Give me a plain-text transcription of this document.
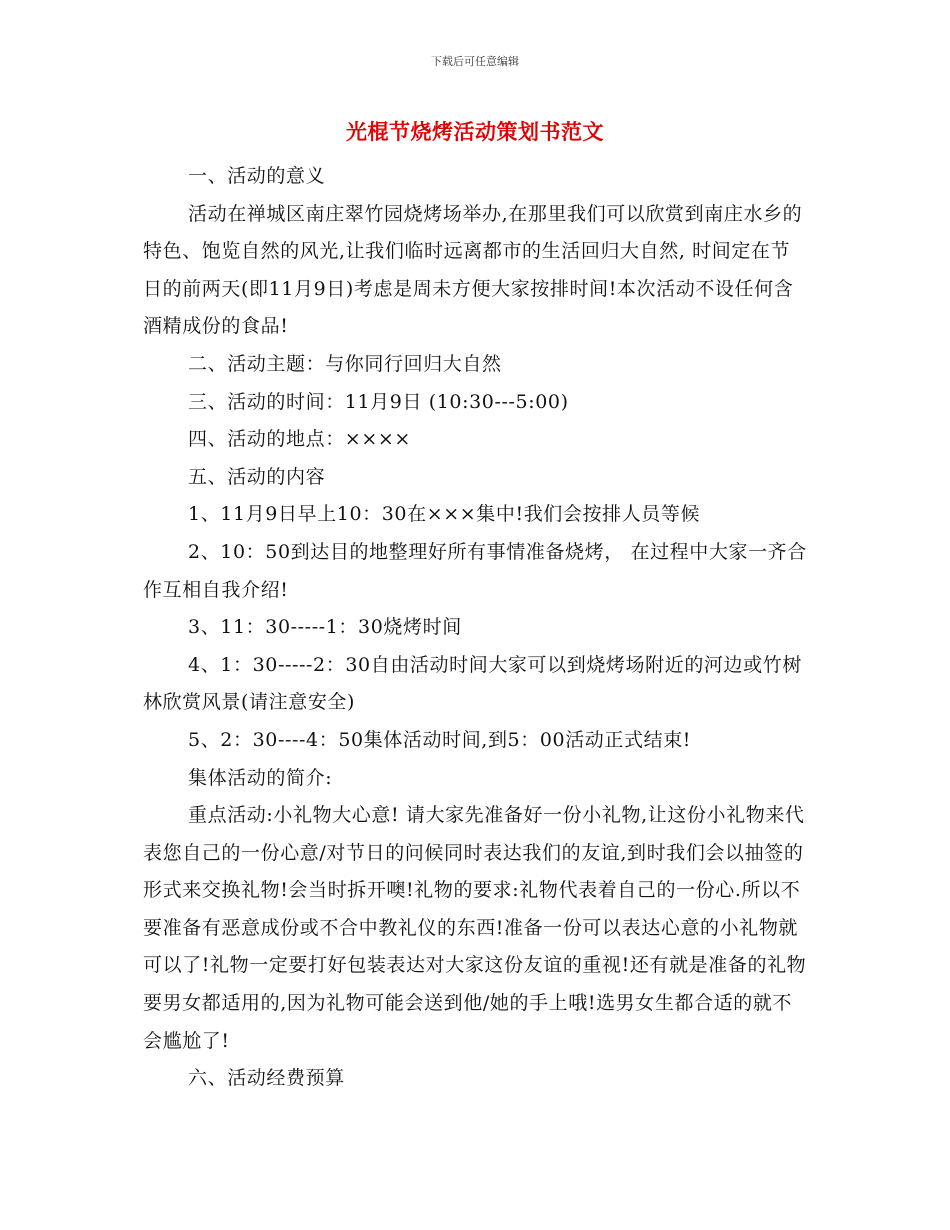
下载后可任意编辑
光棍节烧烤活动策划书范文

一、活动的意义

活动在禅城区南庄翠竹园烧烤场举办,在那里我们可以欣赏到南庄水乡的特色、饱览自然的风光,让我们临时远离都市的生活回归大自然, 时间定在节日的前两天(即11月9日)考虑是周未方便大家按排时间!本次活动不设任何含酒精成份的食品!

二、活动主题：与你同行回归大自然

三、活动的时间：11月9日 (10:30---5:00)

四、活动的地点：××××

五、活动的内容

1、11月9日早上10：30在×××集中!我们会按排人员等候

2、10：50到达目的地整理好所有事情准备烧烤， 在过程中大家一齐合作互相自我介绍!

3、11：30-----1：30烧烤时间

4、1：30-----2：30自由活动时间大家可以到烧烤场附近的河边或竹树林欣赏风景(请注意安全)

5、2：30----4：50集体活动时间,到5：00活动正式结束!

集体活动的简介:

重点活动:小礼物大心意! 请大家先准备好一份小礼物,让这份小礼物来代表您自己的一份心意/对节日的问候同时表达我们的友谊,到时我们会以抽签的形式来交换礼物!会当时拆开噢!礼物的要求:礼物代表着自己的一份心.所以不要准备有恶意成份或不合中教礼仪的东西!准备一份可以表达心意的小礼物就可以了!礼物一定要打好包装表达对大家这份友谊的重视!还有就是准备的礼物要男女都适用的,因为礼物可能会送到他/她的手上哦!选男女生都合适的就不会尴尬了!

六、活动经费预算
